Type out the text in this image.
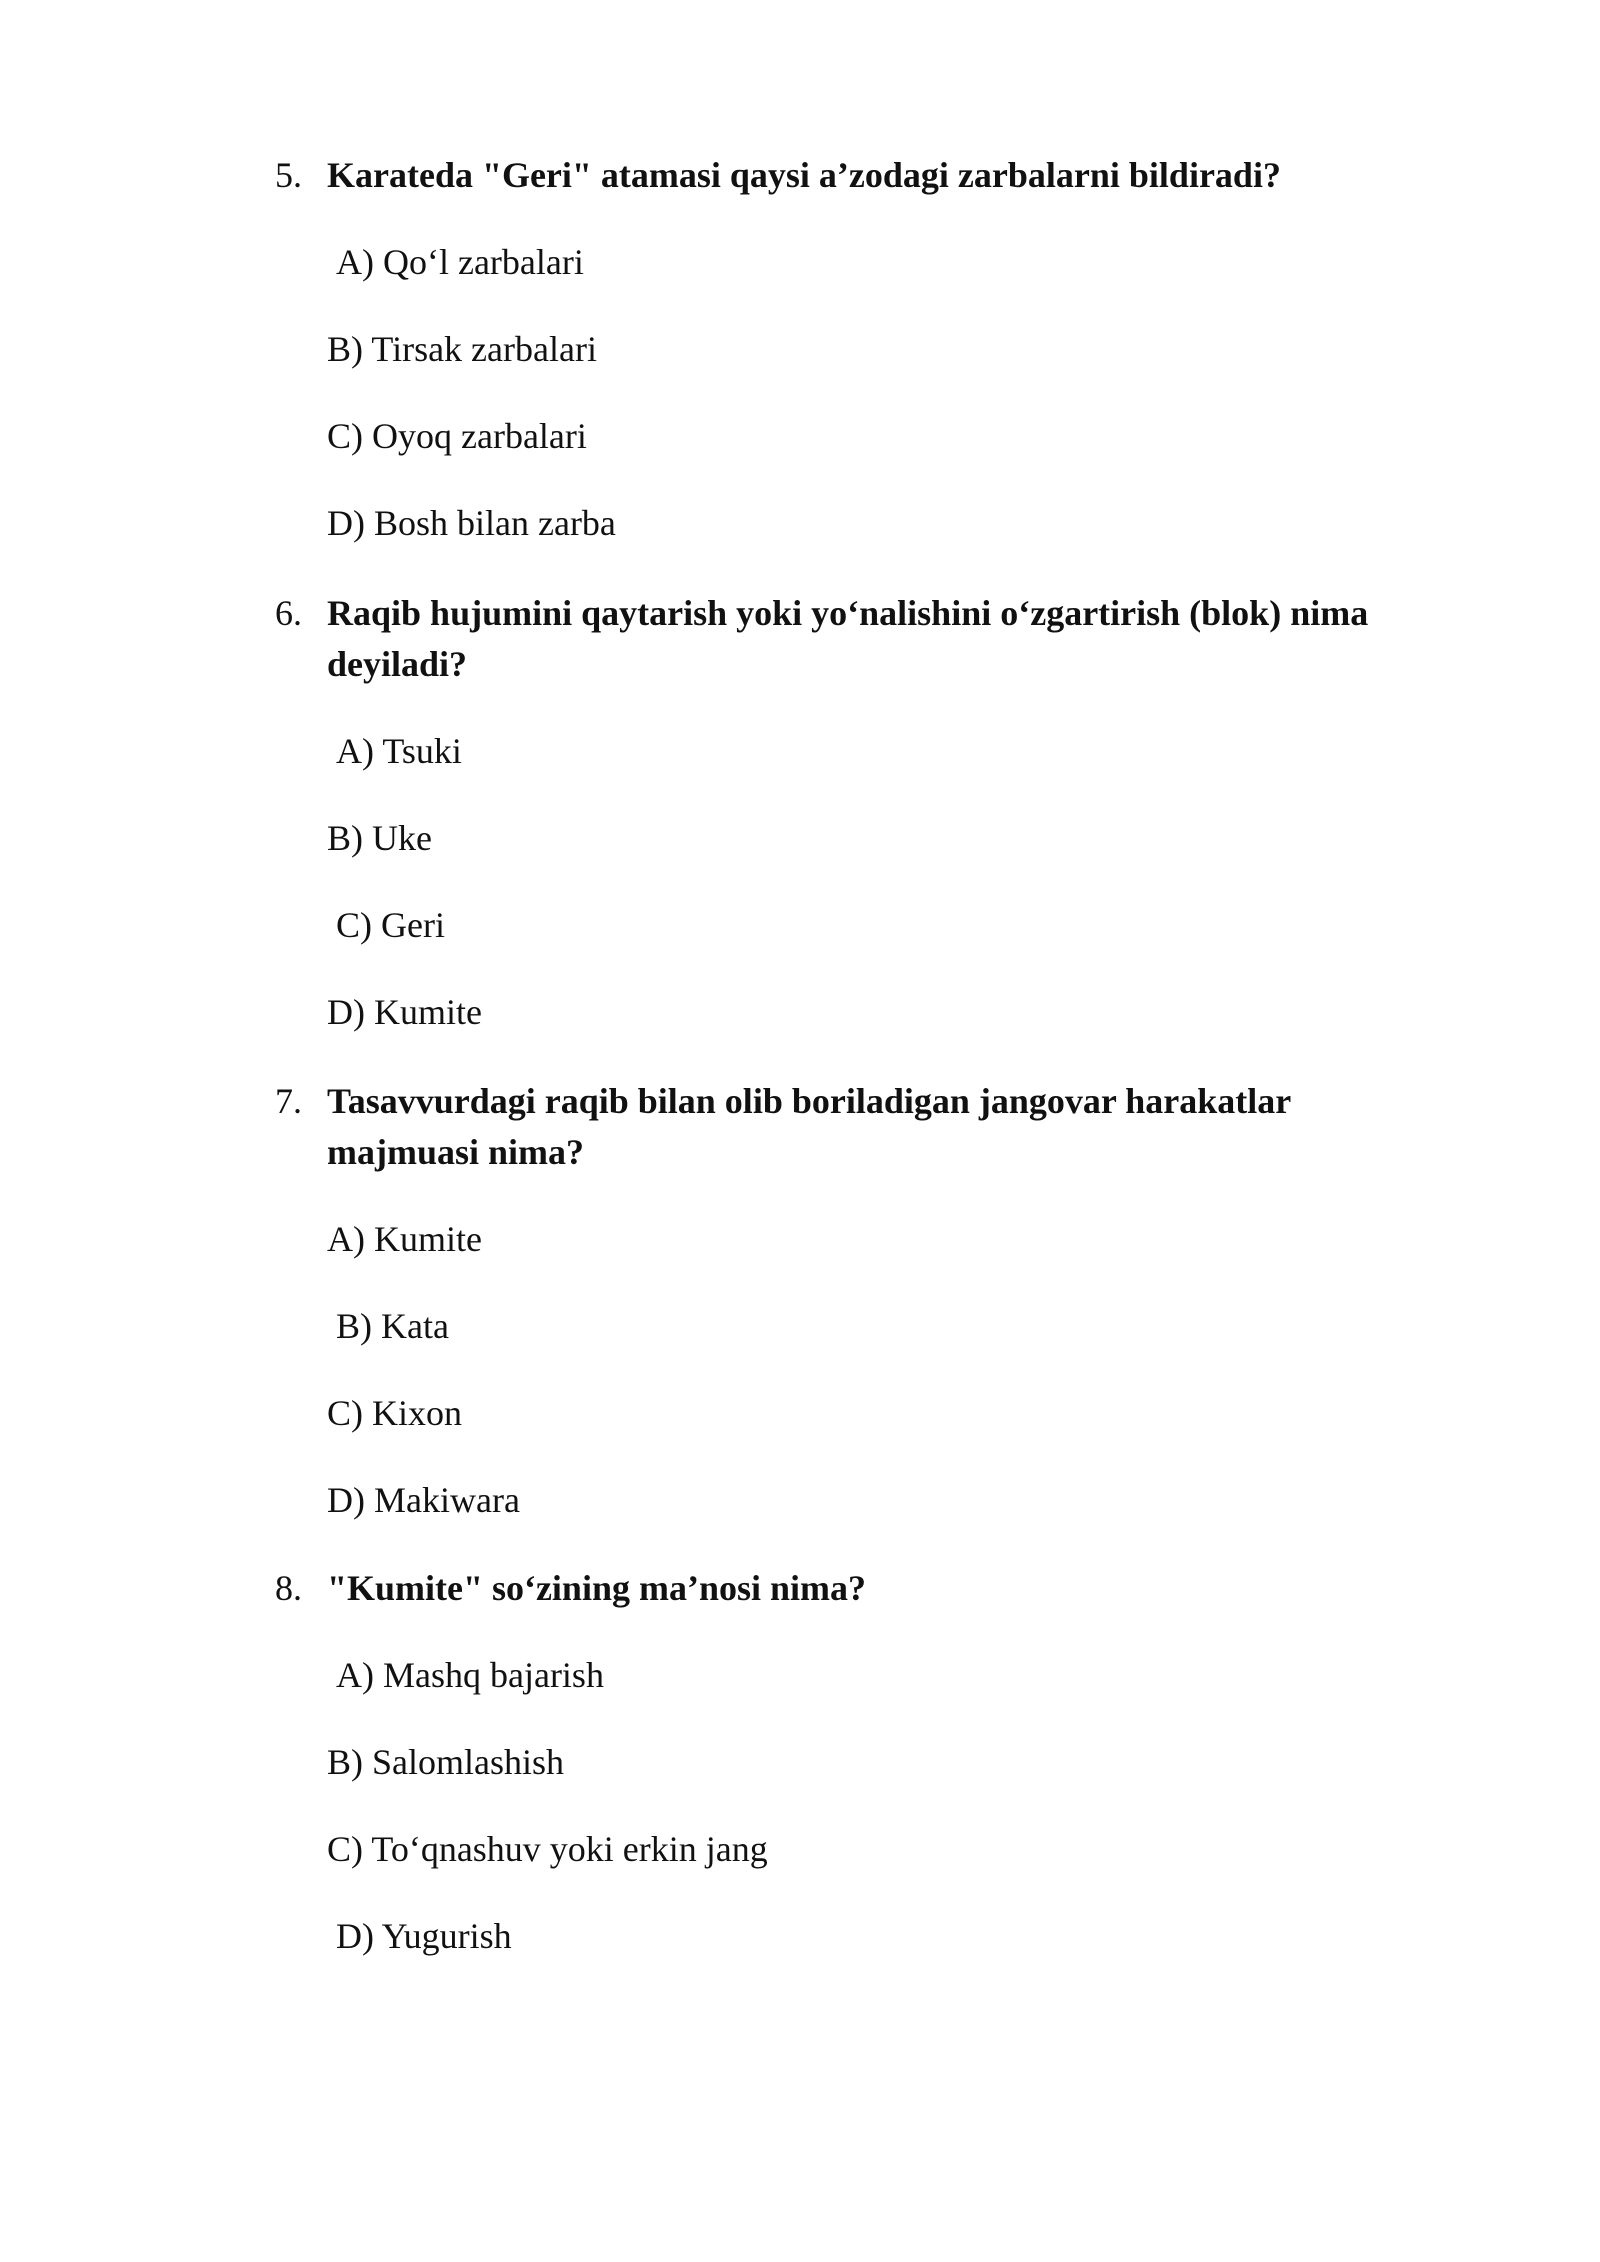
5. Karateda "Geri" atamasi qaysi a’zodagi zarbalarni bildiradi?
A) Qo‘l zarbalari
B) Tirsak zarbalari
C) Oyoq zarbalari
D) Bosh bilan zarba
6. Raqib hujumini qaytarish yoki yo‘nalishini o‘zgartirish (blok) nima deyiladi?
A) Tsuki
B) Uke
C) Geri
D) Kumite
7. Tasavvurdagi raqib bilan olib boriladigan jangovar harakatlar majmuasi nima?
A) Kumite
B) Kata
C) Kixon
D) Makiwara
8. "Kumite" so‘zining ma’nosi nima?
A) Mashq bajarish
B) Salomlashish
C) To‘qnashuv yoki erkin jang
D) Yugurish
